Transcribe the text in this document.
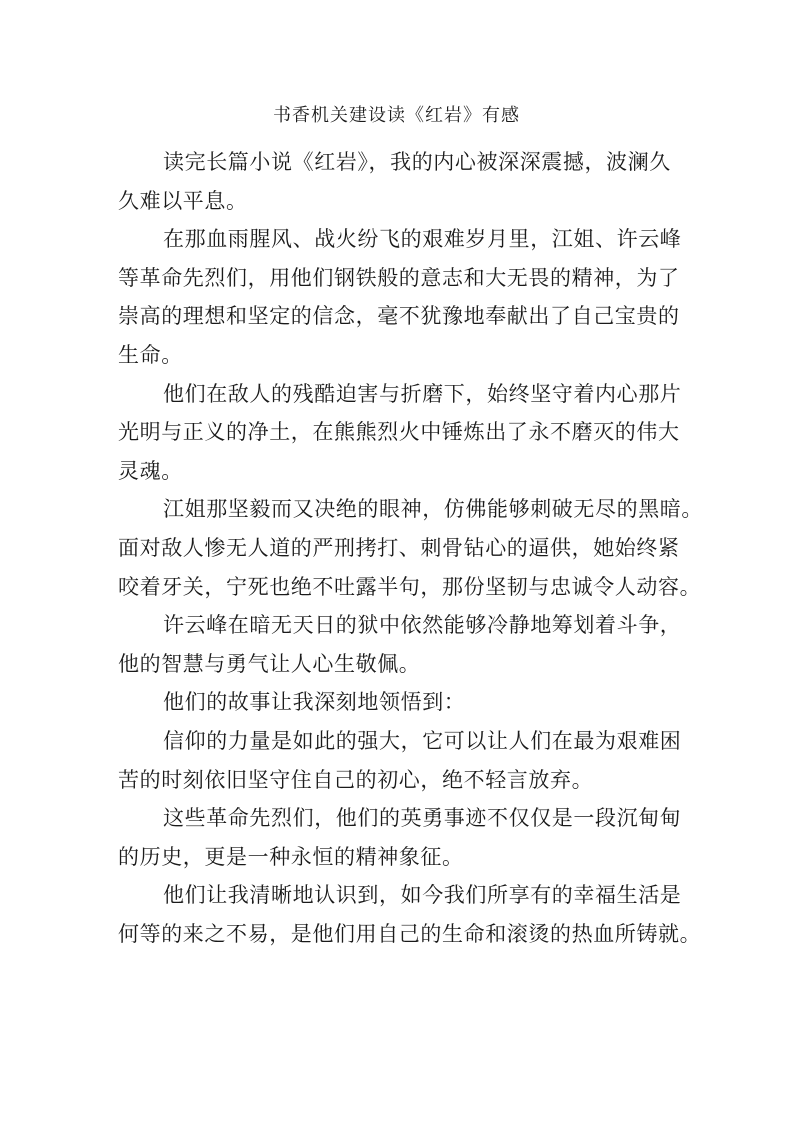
书香机关建设读《红岩》有感
读完长篇小说《红岩》，我的内心被深深震撼，波澜久
久难以平息。
在那血雨腥风、战火纷飞的艰难岁月里，江姐、许云峰
等革命先烈们，用他们钢铁般的意志和大无畏的精神，为了
崇高的理想和坚定的信念，毫不犹豫地奉献出了自己宝贵的
生命。
他们在敌人的残酷迫害与折磨下，始终坚守着内心那片
光明与正义的净土，在熊熊烈火中锤炼出了永不磨灭的伟大
灵魂。
江姐那坚毅而又决绝的眼神，仿佛能够刺破无尽的黑暗。
面对敌人惨无人道的严刑拷打、刺骨钻心的逼供，她始终紧
咬着牙关，宁死也绝不吐露半句，那份坚韧与忠诚令人动容。
许云峰在暗无天日的狱中依然能够冷静地筹划着斗争，
他的智慧与勇气让人心生敬佩。
他们的故事让我深刻地领悟到：
信仰的力量是如此的强大，它可以让人们在最为艰难困
苦的时刻依旧坚守住自己的初心，绝不轻言放弃。
这些革命先烈们，他们的英勇事迹不仅仅是一段沉甸甸
的历史，更是一种永恒的精神象征。
他们让我清晰地认识到，如今我们所享有的幸福生活是
何等的来之不易，是他们用自己的生命和滚烫的热血所铸就。
